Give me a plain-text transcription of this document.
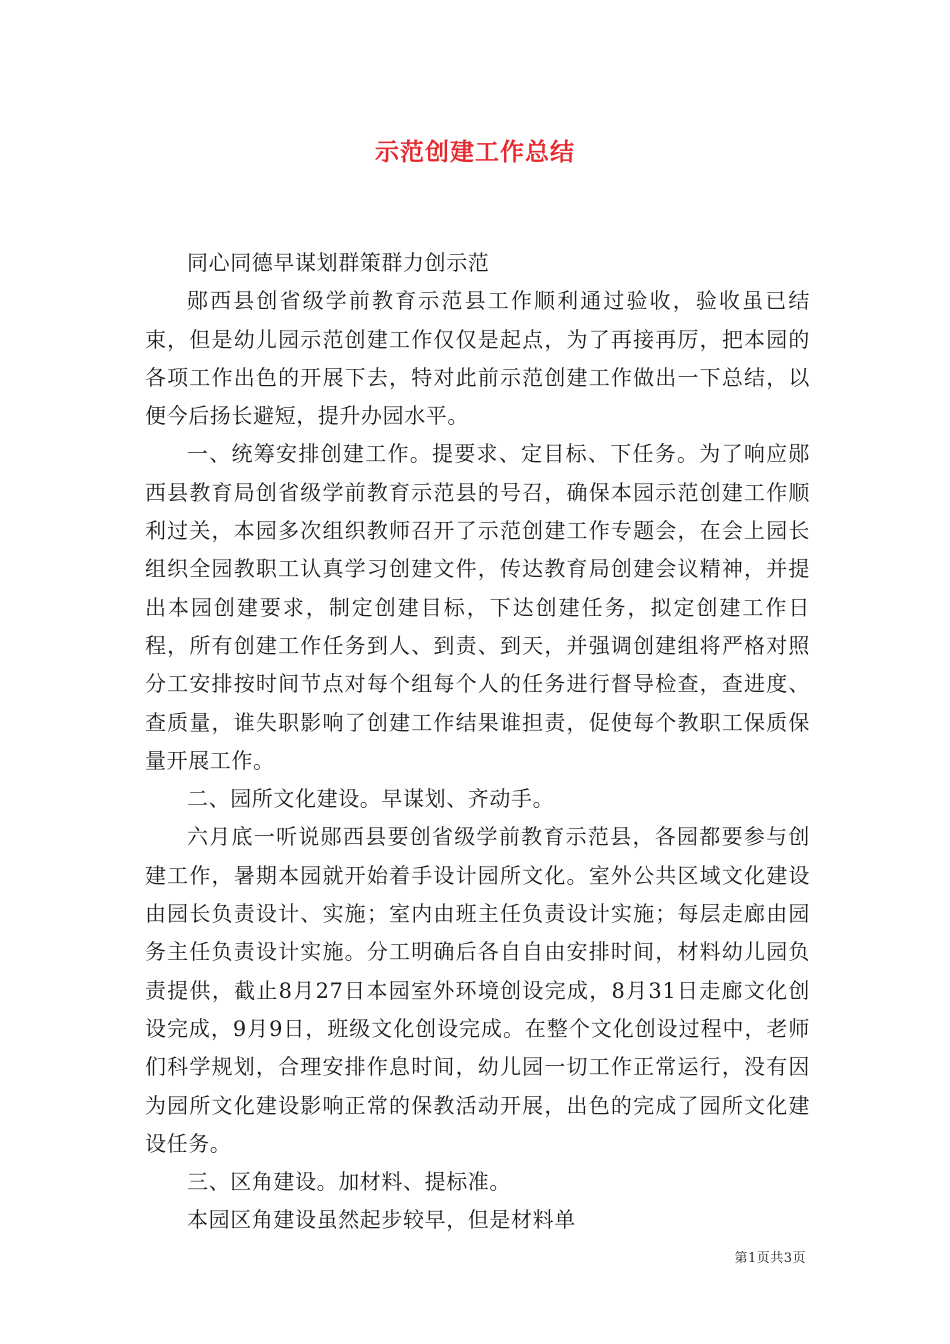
示范创建工作总结

同心同德早谋划群策群力创示范

郧西县创省级学前教育示范县工作顺利通过验收，验收虽已结束，但是幼儿园示范创建工作仅仅是起点，为了再接再厉，把本园的各项工作出色的开展下去，特对此前示范创建工作做出一下总结，以便今后扬长避短，提升办园水平。

一、统筹安排创建工作。提要求、定目标、下任务。为了响应郧西县教育局创省级学前教育示范县的号召，确保本园示范创建工作顺利过关，本园多次组织教师召开了示范创建工作专题会，在会上园长组织全园教职工认真学习创建文件，传达教育局创建会议精神，并提出本园创建要求，制定创建目标，下达创建任务，拟定创建工作日程，所有创建工作任务到人、到责、到天，并强调创建组将严格对照分工安排按时间节点对每个组每个人的任务进行督导检查，查进度、查质量，谁失职影响了创建工作结果谁担责，促使每个教职工保质保量开展工作。

二、园所文化建设。早谋划、齐动手。

六月底一听说郧西县要创省级学前教育示范县，各园都要参与创建工作，暑期本园就开始着手设计园所文化。室外公共区域文化建设由园长负责设计、实施；室内由班主任负责设计实施；每层走廊由园务主任负责设计实施。分工明确后各自自由安排时间，材料幼儿园负责提供，截止8月27日本园室外环境创设完成，8月31日走廊文化创设完成，9月9日，班级文化创设完成。在整个文化创设过程中，老师们科学规划，合理安排作息时间，幼儿园一切工作正常运行，没有因为园所文化建设影响正常的保教活动开展，出色的完成了园所文化建设任务。

三、区角建设。加材料、提标准。

本园区角建设虽然起步较早，但是材料单

第1页共3页
